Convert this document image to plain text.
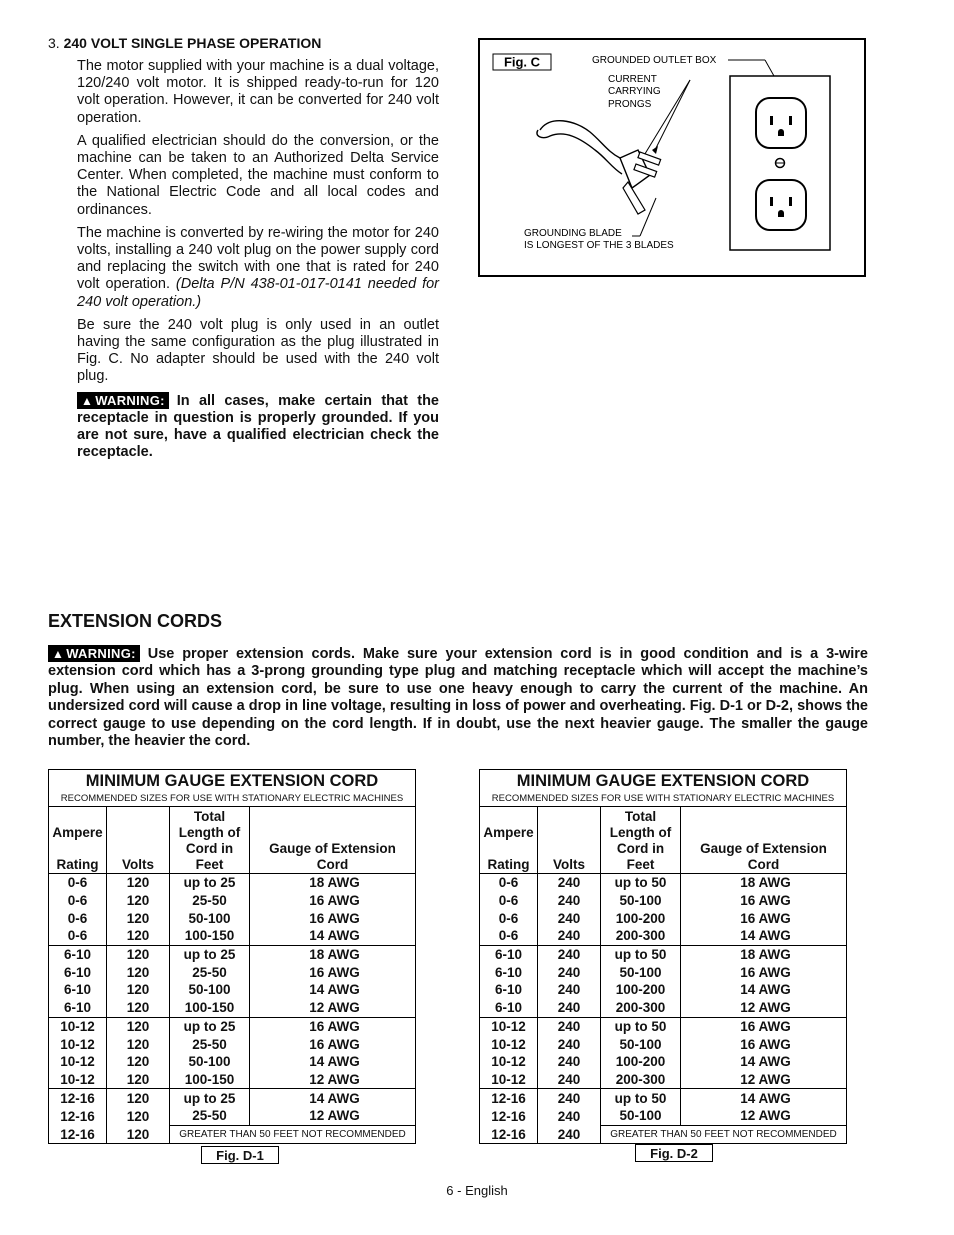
3. 240 VOLT SINGLE PHASE OPERATION

The motor supplied with your machine is a dual voltage, 120/240 volt motor. It is shipped ready-to-run for 120 volt operation. However, it can be converted for 240 volt operation.

A qualified electrician should do the conversion, or the machine can be taken to an Authorized Delta Service Center. When completed, the machine must conform to the National Electric Code and all local codes and ordinances.

The machine is converted by re-wiring the motor for 240 volts, installing a 240 volt plug on the power supply cord and replacing the switch with one that is rated for 240 volt operation. (Delta P/N 438-01-017-0141 needed for 240 volt operation.)

Be sure the 240 volt plug is only used in an outlet having the same configuration as the plug illustrated in Fig. C. No adapter should be used with the 240 volt plug.

▲ WARNING: In all cases, make certain that the receptacle in question is properly grounded. If you are not sure, have a qualified electrician check the receptacle.

Fig. C	GROUNDED OUTLET BOX
CURRENT
CARRYING
PRONGS
GROUNDING BLADE
IS LONGEST OF THE 3 BLADES
EXTENSION CORDS
▲ WARNING: Use proper extension cords. Make sure your extension cord is in good condition and is a 3-wire extension cord which has a 3-prong grounding type plug and matching receptacle which will accept the machine’s plug. When using an extension cord, be sure to use one heavy enough to carry the current of the machine. An undersized cord will cause a drop in line voltage, resulting in loss of power and overheating. Fig. D-1 or D-2, shows the correct gauge to use depending on the cord length. If in doubt, use the next heavier gauge. The smaller the gauge number, the heavier the cord.
MINIMUM GAUGE EXTENSION CORD			
RECOMMENDED SIZES FOR USE WITH STATIONARY ELECTRIC MACHINES			
Ampere

Rating	Volts	Total
Length of
Cord in
Feet	Gauge of Extension
Cord
0-6	120	up to 25	18 AWG
0-6	120	25-50	16 AWG
0-6	120	50-100	16 AWG
0-6	120	100-150	14 AWG
6-10	120	up to 25	18 AWG
6-10	120	25-50	16 AWG
6-10	120	50-100	14 AWG
6-10	120	100-150	12 AWG
10-12	120	up to 25	16 AWG
10-12	120	25-50	16 AWG
10-12	120	50-100	14 AWG
10-12	120	100-150	12 AWG
12-16	120	up to 25	14 AWG
12-16	120	25-50	12 AWG
12-16	120	GREATER THAN 50 FEET NOT RECOMMENDED	
MINIMUM GAUGE EXTENSION CORD			
RECOMMENDED SIZES FOR USE WITH STATIONARY ELECTRIC MACHINES			
Ampere

Rating	Volts	Total
Length of
Cord in
Feet	Gauge of Extension
Cord
0-6	240	up to 50	18 AWG
0-6	240	50-100	16 AWG
0-6	240	100-200	16 AWG
0-6	240	200-300	14 AWG
6-10	240	up to 50	18 AWG
6-10	240	50-100	16 AWG
6-10	240	100-200	14 AWG
6-10	240	200-300	12 AWG
10-12	240	up to 50	16 AWG
10-12	240	50-100	16 AWG
10-12	240	100-200	14 AWG
10-12	240	200-300	12 AWG
12-16	240	up to 50	14 AWG
12-16	240	50-100	12 AWG
12-16	240	GREATER THAN 50 FEET NOT RECOMMENDED	
Fig. D-1	Fig. D-2
6 - English
